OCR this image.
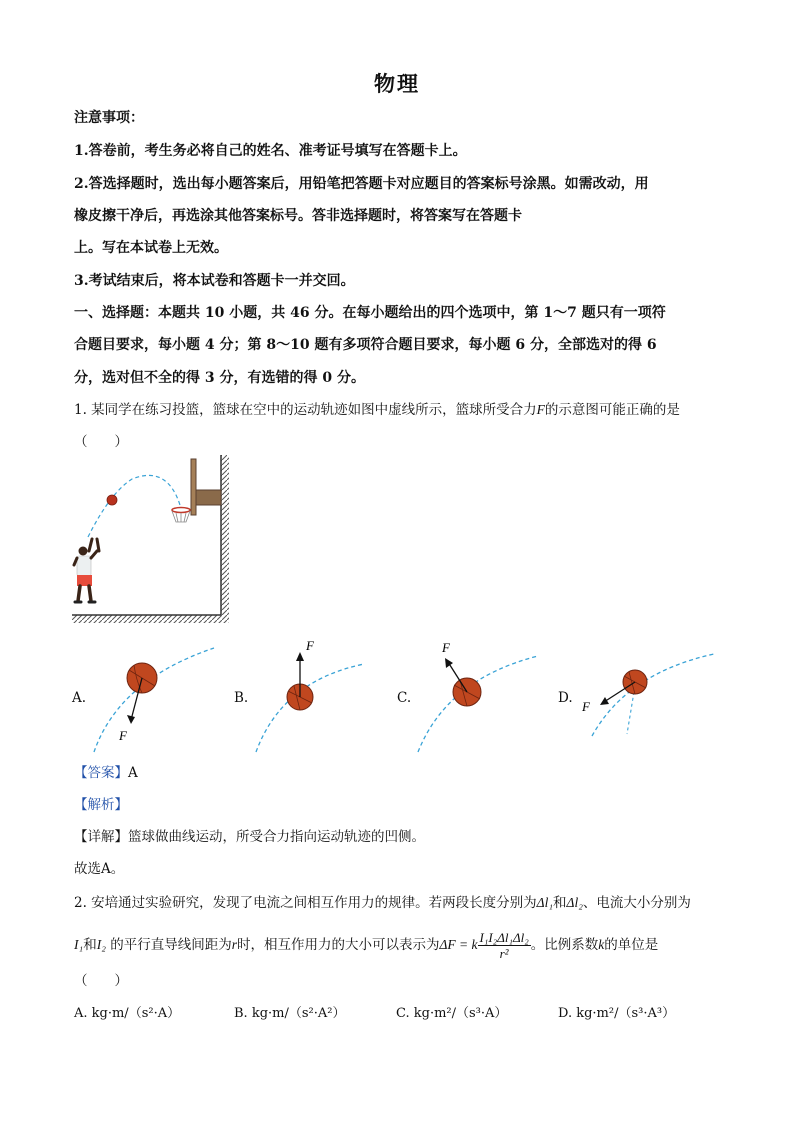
物理
注意事项：
1.答卷前，考生务必将自己的姓名、准考证号填写在答题卡上。
2.答选择题时，选出每小题答案后，用铅笔把答题卡对应题目的答案标号涂黑。如需改动，用
橡皮擦干净后，再选涂其他答案标号。答非选择题时，将答案写在答题卡
上。写在本试卷上无效。
3.考试结束后，将本试卷和答题卡一并交回。
一、选择题：本题共 10 小题，共 46 分。在每小题给出的四个选项中，第 1～7 题只有一项符
合题目要求，每小题 4 分；第 8～10 题有多项符合题目要求，每小题 6 分，全部选对的得 6
分，选对但不全的得 3 分，有选错的得 0 分。
1. 某同学在练习投篮，篮球在空中的运动轨迹如图中虚线所示，篮球所受合力F的示意图可能正确的是
（　　）
A.
F
B.
F
C.
F
D.
F
【答案】A
【解析】
【详解】篮球做曲线运动，所受合力指向运动轨迹的凹侧。
故选A。
2. 安培通过实验研究，发现了电流之间相互作用力的规律。若两段长度分别为Δl₁和Δl₂、电流大小分别为
I₁和I₂ 的平行直导线间距为r时，相互作用力的大小可以表示为ΔF = k $\frac{\text{I₁I₂Δl₁Δl₂}}{\text{r²}}$ 。比例系数k的单位是
（　　）
A. kg·m/（s²·A）	B. kg·m/（s²·A²）	C. kg·m²/（s³·A）	D. kg·m²/（s³·A³）
